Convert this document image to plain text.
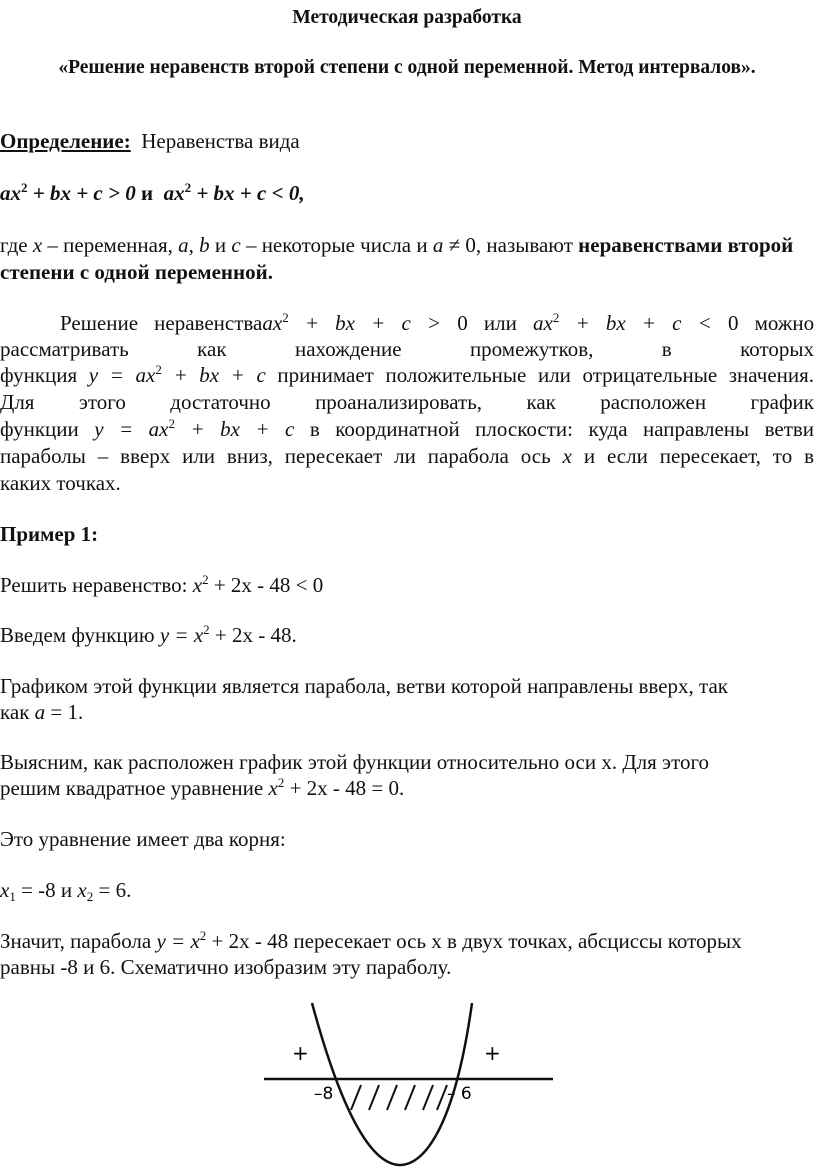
Методическая разработка

«Решение неравенств второй степени с одной переменной. Метод интервалов».

Определение: Неравенства вида

$ax^2$ + bx + c > 0 и $ax^2$ + bx + c < 0,

где x – переменная, a, b и c – некоторые числа и a ≠ 0, называют неравенствами второй степени с одной переменной.

Решение неравенстваax$^2$ + bx + c > 0 или $ax^2$ + bx + c < 0 можно

рассматривать как нахождение промежутков, в которых

функция $y = ax^2$ + bx + c принимает положительные или отрицательные значения.

Для этого достаточно проанализировать, как расположен график

функции $y = ax^2$ + bx + c в координатной плоскости: куда направлены ветви

параболы – вверх или вниз, пересекает ли парабола ось x и если пересекает, то в

каких точках.

Пример 1:

Решить неравенство: $x^2 + 2x - 48 < 0$

Введем функцию $y = x^2 + 2x - 48$.

Графиком этой функции является парабола, ветви которой направлены вверх, так

как a = 1.

Выясним, как расположен график этой функции относительно оси х. Для этого

решим квадратное уравнение $x^2 + 2x - 48 = 0$.

Это уравнение имеет два корня:

$x_1 = -8$ и $x_2 = 6$.

Значит, парабола $y = x^2 + 2x - 48$ пересекает ось х в двух точках, абсциссы которых

равны -8 и 6. Схематично изобразим эту параболу.

+	+
–8	– 6
